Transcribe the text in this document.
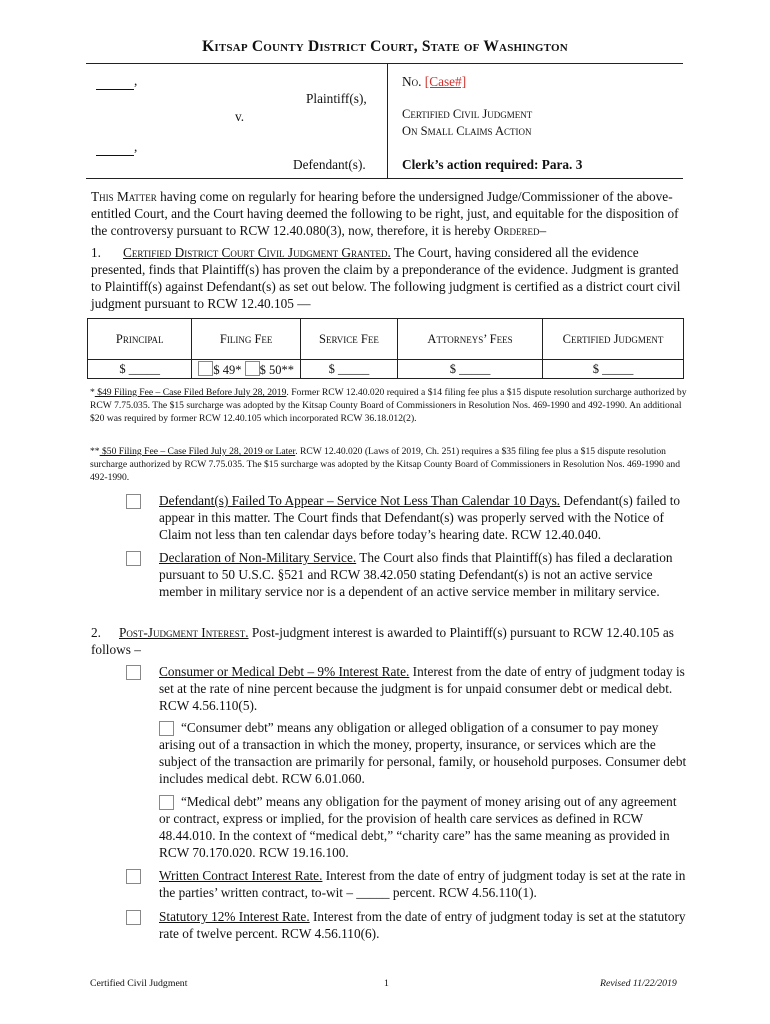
Kitsap County District Court, State of Washington
,
Plaintiff(s),
v.
,
Defendant(s).
No. [Case#]
Certified Civil Judgment
On Small Claims Action
Clerk’s action required: Para. 3
This Matter having come on regularly for hearing before the undersigned Judge/Commissioner of the above-entitled Court, and the Court having deemed the following to be right, just, and equitable for the disposition of the controversy pursuant to RCW 12.40.080(3), now, therefore, it is hereby Ordered–
1. Certified District Court Civil Judgment Granted. The Court, having considered all the evidence presented, finds that Plaintiff(s) has proven the claim by a preponderance of the evidence. Judgment is granted to Plaintiff(s) against Defendant(s) as set out below. The following judgment is certified as a district court civil judgment pursuant to RCW 12.40.105 —
Principal	Filing Fee	Service Fee	Attorneys’ Fees	Certified Judgment
$ _____	$ 49* $ 50**	$ _____	$ _____	$ _____
* $49 Filing Fee – Case Filed Before July 28, 2019. Former RCW 12.40.020 required a $14 filing fee plus a $15 dispute resolution surcharge authorized by RCW 7.75.035. The $15 surcharge was adopted by the Kitsap County Board of Commissioners in Resolution Nos. 469-1990 and 492-1990. An additional $20 was required by former RCW 12.40.105 which incorporated RCW 36.18.012(2).
** $50 Filing Fee – Case Filed July 28, 2019 or Later. RCW 12.40.020 (Laws of 2019, Ch. 251) requires a $35 filing fee plus a $15 dispute resolution surcharge authorized by RCW 7.75.035. The $15 surcharge was adopted by the Kitsap County Board of Commissioners in Resolution Nos. 469-1990 and 492-1990.
Defendant(s) Failed To Appear – Service Not Less Than Calendar 10 Days. Defendant(s) failed to appear in this matter. The Court finds that Defendant(s) was properly served with the Notice of Claim not less than ten calendar days before today’s hearing date. RCW 12.40.040.
Declaration of Non-Military Service. The Court also finds that Plaintiff(s) has filed a declaration pursuant to 50 U.S.C. §521 and RCW 38.42.050 stating Defendant(s) is not an active service member in military service nor is a dependent of an active service member in military service.
2. Post-Judgment Interest. Post-judgment interest is awarded to Plaintiff(s) pursuant to RCW 12.40.105 as follows –
Consumer or Medical Debt – 9% Interest Rate. Interest from the date of entry of judgment today is set at the rate of nine percent because the judgment is for unpaid consumer debt or medical debt. RCW 4.56.110(5).
“Consumer debt” means any obligation or alleged obligation of a consumer to pay money arising out of a transaction in which the money, property, insurance, or services which are the subject of the transaction are primarily for personal, family, or household purposes. Consumer debt includes medical debt. RCW 6.01.060.
“Medical debt” means any obligation for the payment of money arising out of any agreement or contract, express or implied, for the provision of health care services as defined in RCW 48.44.010. In the context of “medical debt,” “charity care” has the same meaning as provided in RCW 70.170.020. RCW 19.16.100.
Written Contract Interest Rate. Interest from the date of entry of judgment today is set at the rate in the parties’ written contract, to-wit – _____ percent. RCW 4.56.110(1).
Statutory 12% Interest Rate. Interest from the date of entry of judgment today is set at the statutory rate of twelve percent. RCW 4.56.110(6).
Certified Civil Judgment	1	Revised 11/22/2019
